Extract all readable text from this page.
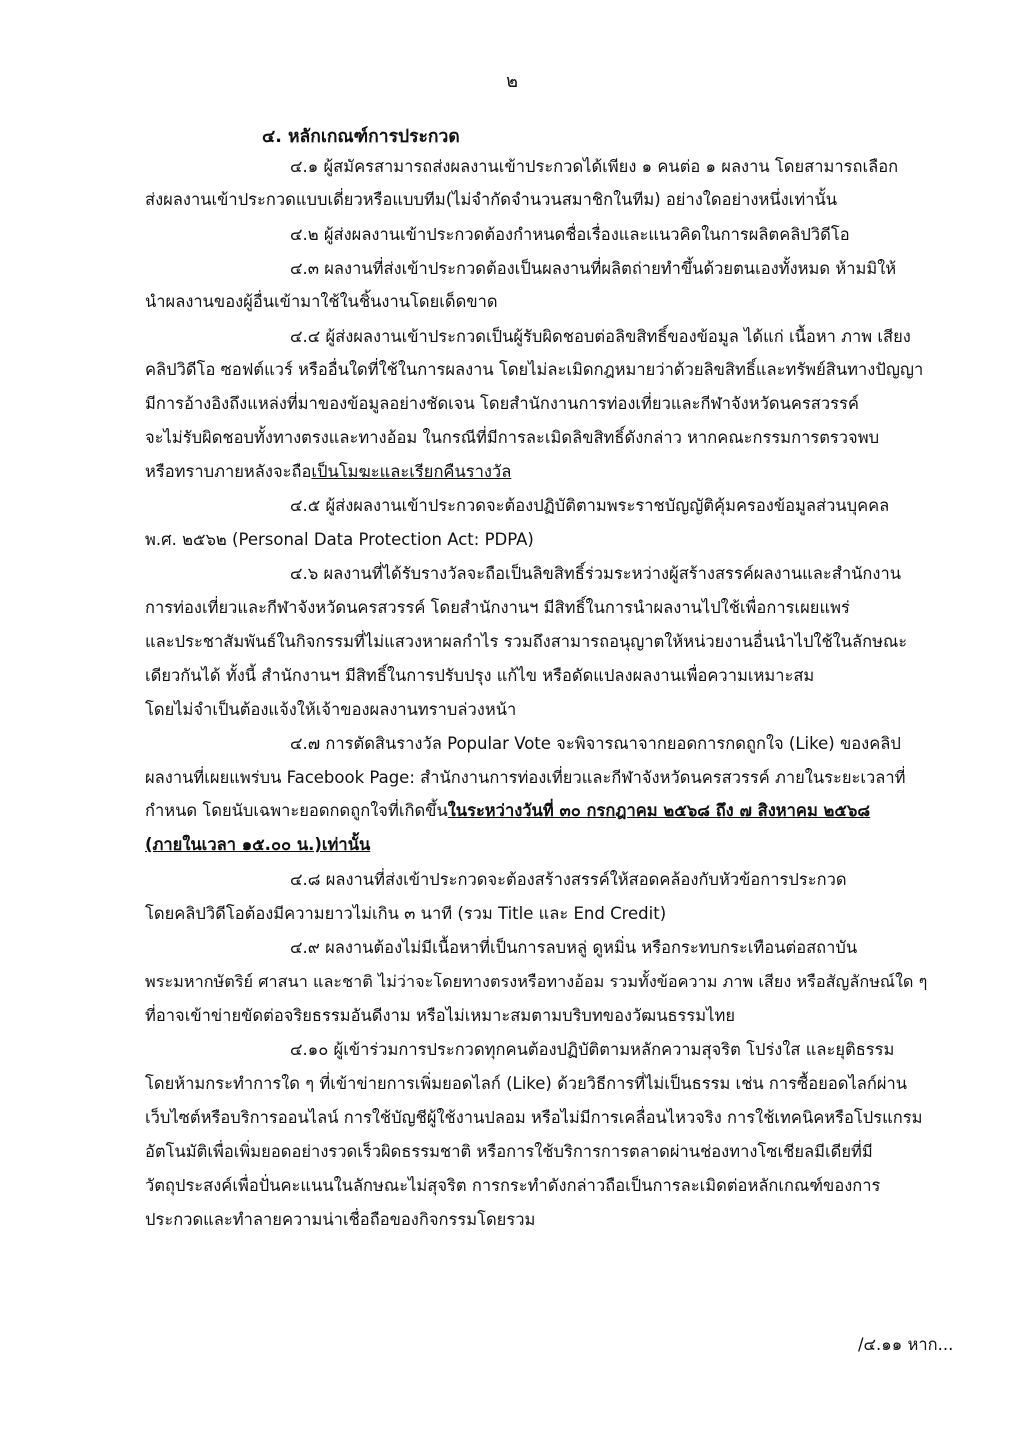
๒
๔. หลักเกณฑ์การประกวด
๔.๑ ผู้สมัครสามารถส่งผลงานเข้าประกวดได้เพียง ๑ คนต่อ ๑ ผลงาน โดยสามารถเลือก
ส่งผลงานเข้าประกวดแบบเดี่ยวหรือแบบทีม(ไม่จำกัดจำนวนสมาชิกในทีม) อย่างใดอย่างหนึ่งเท่านั้น
๔.๒ ผู้ส่งผลงานเข้าประกวดต้องกำหนดชื่อเรื่องและแนวคิดในการผลิตคลิปวิดีโอ
๔.๓ ผลงานที่ส่งเข้าประกวดต้องเป็นผลงานที่ผลิตถ่ายทำขึ้นด้วยตนเองทั้งหมด ห้ามมิให้
นำผลงานของผู้อื่นเข้ามาใช้ในชิ้นงานโดยเด็ดขาด
๔.๔ ผู้ส่งผลงานเข้าประกวดเป็นผู้รับผิดชอบต่อลิขสิทธิ์ของข้อมูล ได้แก่ เนื้อหา ภาพ เสียง
คลิปวิดีโอ ซอฟต์แวร์ หรืออื่นใดที่ใช้ในการผลงาน โดยไม่ละเมิดกฎหมายว่าด้วยลิขสิทธิ์และทรัพย์สินทางปัญญา
มีการอ้างอิงถึงแหล่งที่มาของข้อมูลอย่างชัดเจน โดยสำนักงานการท่องเที่ยวและกีฬาจังหวัดนครสวรรค์
จะไม่รับผิดชอบทั้งทางตรงและทางอ้อม ในกรณีที่มีการละเมิดลิขสิทธิ์ดังกล่าว หากคณะกรรมการตรวจพบ
หรือทราบภายหลังจะถือเป็นโมฆะและเรียกคืนรางวัล
๔.๕ ผู้ส่งผลงานเข้าประกวดจะต้องปฏิบัติตามพระราชบัญญัติคุ้มครองข้อมูลส่วนบุคคล
พ.ศ. ๒๕๖๒ (Personal Data Protection Act: PDPA)
๔.๖ ผลงานที่ได้รับรางวัลจะถือเป็นลิขสิทธิ์ร่วมระหว่างผู้สร้างสรรค์ผลงานและสำนักงาน
การท่องเที่ยวและกีฬาจังหวัดนครสวรรค์ โดยสำนักงานฯ มีสิทธิ์ในการนำผลงานไปใช้เพื่อการเผยแพร่
และประชาสัมพันธ์ในกิจกรรมที่ไม่แสวงหาผลกำไร รวมถึงสามารถอนุญาตให้หน่วยงานอื่นนำไปใช้ในลักษณะ
เดียวกันได้ ทั้งนี้ สำนักงานฯ มีสิทธิ์ในการปรับปรุง แก้ไข หรือดัดแปลงผลงานเพื่อความเหมาะสม
โดยไม่จำเป็นต้องแจ้งให้เจ้าของผลงานทราบล่วงหน้า
๔.๗ การตัดสินรางวัล Popular Vote จะพิจารณาจากยอดการกดถูกใจ (Like) ของคลิป
ผลงานที่เผยแพร่บน Facebook Page: สำนักงานการท่องเที่ยวและกีฬาจังหวัดนครสวรรค์ ภายในระยะเวลาที่
กำหนด โดยนับเฉพาะยอดกดถูกใจที่เกิดขึ้นในระหว่างวันที่ ๓๐ กรกฎาคม ๒๕๖๘ ถึง ๗ สิงหาคม ๒๕๖๘
(ภายในเวลา ๑๕.๐๐ น.)เท่านั้น
๔.๘ ผลงานที่ส่งเข้าประกวดจะต้องสร้างสรรค์ให้สอดคล้องกับหัวข้อการประกวด
โดยคลิปวิดีโอต้องมีความยาวไม่เกิน ๓ นาที (รวม Title และ End Credit)
๔.๙ ผลงานต้องไม่มีเนื้อหาที่เป็นการลบหลู่ ดูหมิ่น หรือกระทบกระเทือนต่อสถาบัน
พระมหากษัตริย์ ศาสนา และชาติ ไม่ว่าจะโดยทางตรงหรือทางอ้อม รวมทั้งข้อความ ภาพ เสียง หรือสัญลักษณ์ใด ๆ
ที่อาจเข้าข่ายขัดต่อจริยธรรมอันดีงาม หรือไม่เหมาะสมตามบริบทของวัฒนธรรมไทย
๔.๑๐ ผู้เข้าร่วมการประกวดทุกคนต้องปฏิบัติตามหลักความสุจริต โปร่งใส และยุติธรรม
โดยห้ามกระทำการใด ๆ ที่เข้าข่ายการเพิ่มยอดไลก์ (Like) ด้วยวิธีการที่ไม่เป็นธรรม เช่น การซื้อยอดไลก์ผ่าน
เว็บไซต์หรือบริการออนไลน์ การใช้บัญชีผู้ใช้งานปลอม หรือไม่มีการเคลื่อนไหวจริง การใช้เทคนิคหรือโปรแกรม
อัตโนมัติเพื่อเพิ่มยอดอย่างรวดเร็วผิดธรรมชาติ หรือการใช้บริการการตลาดผ่านช่องทางโซเชียลมีเดียที่มี
วัตถุประสงค์เพื่อปั่นคะแนนในลักษณะไม่สุจริต การกระทำดังกล่าวถือเป็นการละเมิดต่อหลักเกณฑ์ของการ
ประกวดและทำลายความน่าเชื่อถือของกิจกรรมโดยรวม
/๔.๑๑ หาก...
